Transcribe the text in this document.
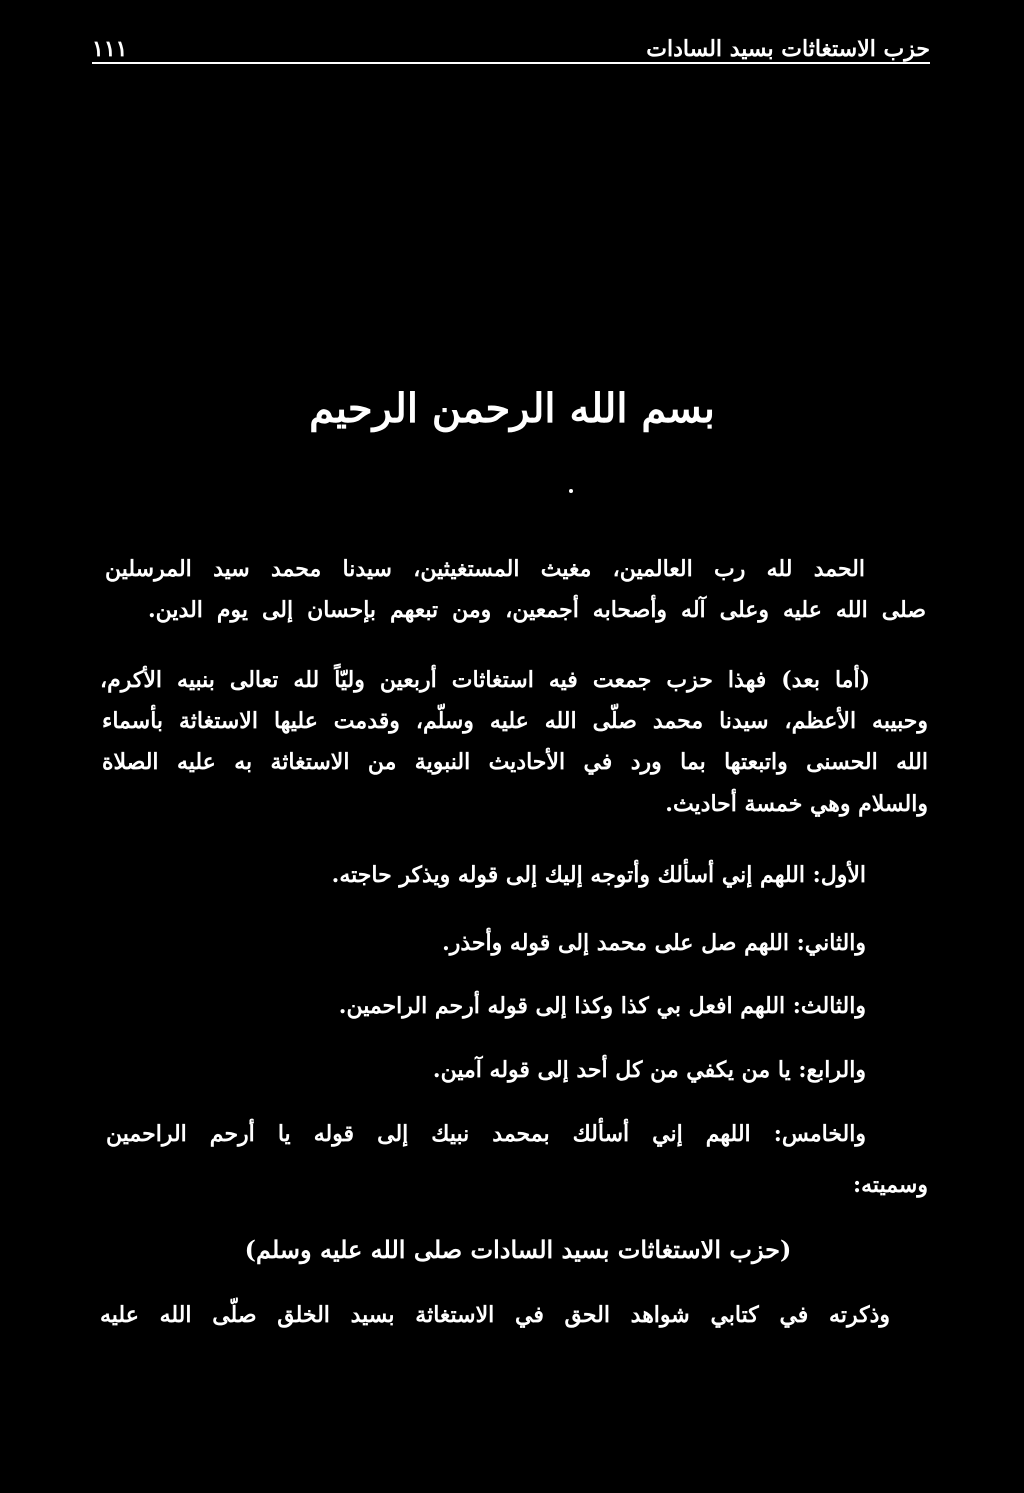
حزب الاستغاثات بسيد السادات
١١١
بسم الله الرحمن الرحيم
الحمد لله رب العالمين، مغيث المستغيثين، سيدنا محمد سيد المرسلين
صلى الله عليه وعلى آله وأصحابه أجمعين، ومن تبعهم بإحسان إلى يوم الدين.
(أما بعد) فهذا حزب جمعت فيه استغاثات أربعين وليّاً لله تعالى بنبيه الأكرم،
وحبيبه الأعظم، سيدنا محمد صلّى الله عليه وسلّم، وقدمت عليها الاستغاثة بأسماء
الله الحسنى واتبعتها بما ورد في الأحاديث النبوية من الاستغاثة به عليه الصلاة
والسلام وهي خمسة أحاديث.
الأول: اللهم إني أسألك وأتوجه إليك إلى قوله ويذكر حاجته.
والثاني: اللهم صل على محمد إلى قوله وأحذر.
والثالث: اللهم افعل بي كذا وكذا إلى قوله أرحم الراحمين.
والرابع: يا من يكفي من كل أحد إلى قوله آمين.
والخامس: اللهم إني أسألك بمحمد نبيك إلى قوله يا أرحم الراحمين
وسميته:
(حزب الاستغاثات بسيد السادات صلى الله عليه وسلم)
وذكرته في كتابي شواهد الحق في الاستغاثة بسيد الخلق صلّى الله عليه
